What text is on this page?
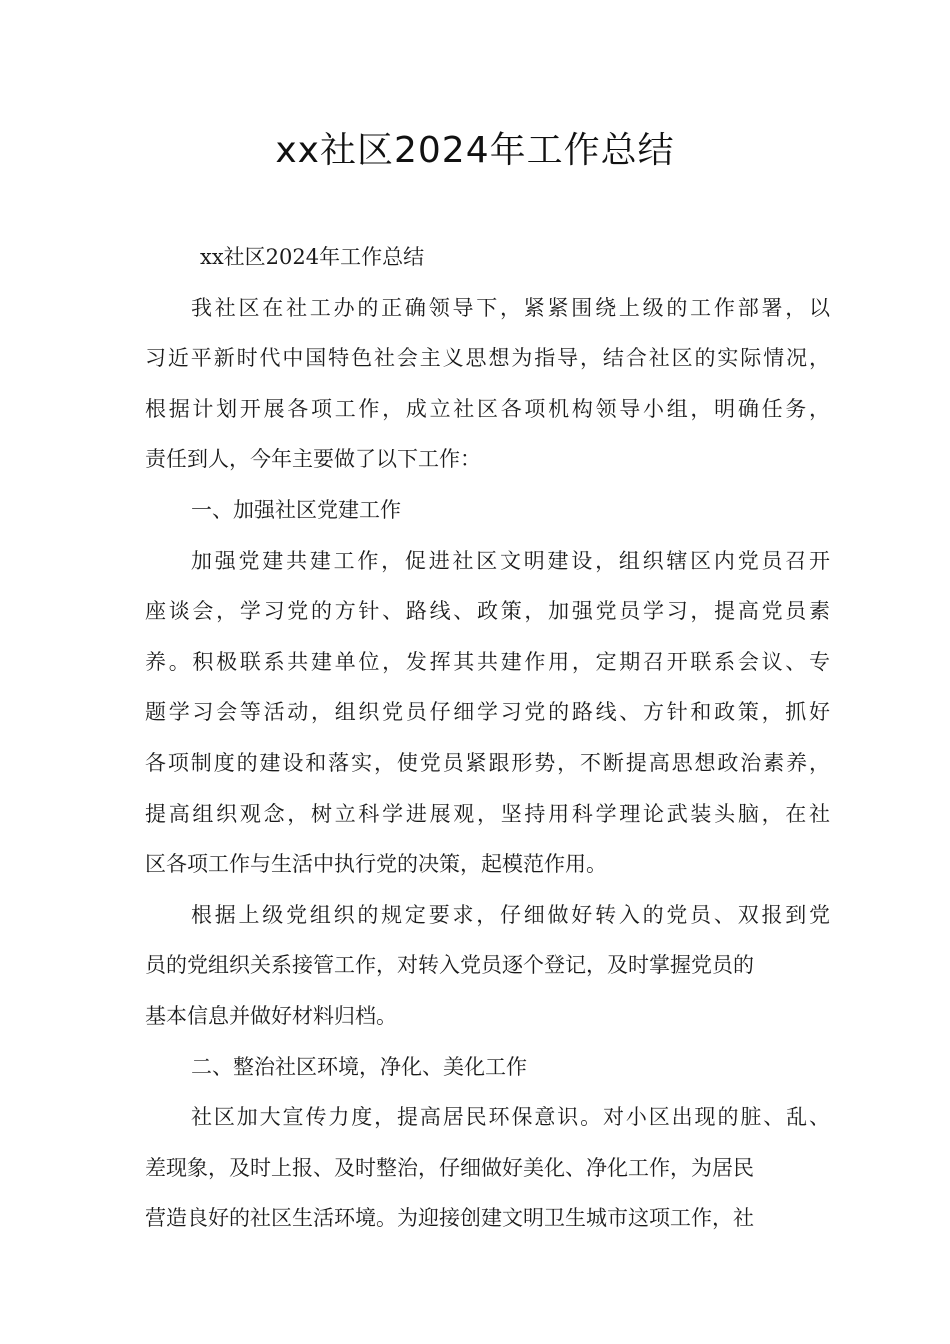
xx社区2024年工作总结
xx社区2024年工作总结
我社区在社工办的正确领导下，紧紧围绕上级的工作部署，以
习近平新时代中国特色社会主义思想为指导，结合社区的实际情况，
根据计划开展各项工作，成立社区各项机构领导小组，明确任务，
责任到人，今年主要做了以下工作：
一、加强社区党建工作
加强党建共建工作，促进社区文明建设，组织辖区内党员召开
座谈会，学习党的方针、路线、政策，加强党员学习，提高党员素
养。积极联系共建单位，发挥其共建作用，定期召开联系会议、专
题学习会等活动，组织党员仔细学习党的路线、方针和政策，抓好
各项制度的建设和落实，使党员紧跟形势，不断提高思想政治素养，
提高组织观念，树立科学进展观，坚持用科学理论武装头脑，在社
区各项工作与生活中执行党的决策，起模范作用。
根据上级党组织的规定要求，仔细做好转入的党员、双报到党
员的党组织关系接管工作，对转入党员逐个登记，及时掌握党员的
基本信息并做好材料归档。
二、整治社区环境，净化、美化工作
社区加大宣传力度，提高居民环保意识。对小区出现的脏、乱、
差现象，及时上报、及时整治，仔细做好美化、净化工作，为居民
营造良好的社区生活环境。为迎接创建文明卫生城市这项工作，社
